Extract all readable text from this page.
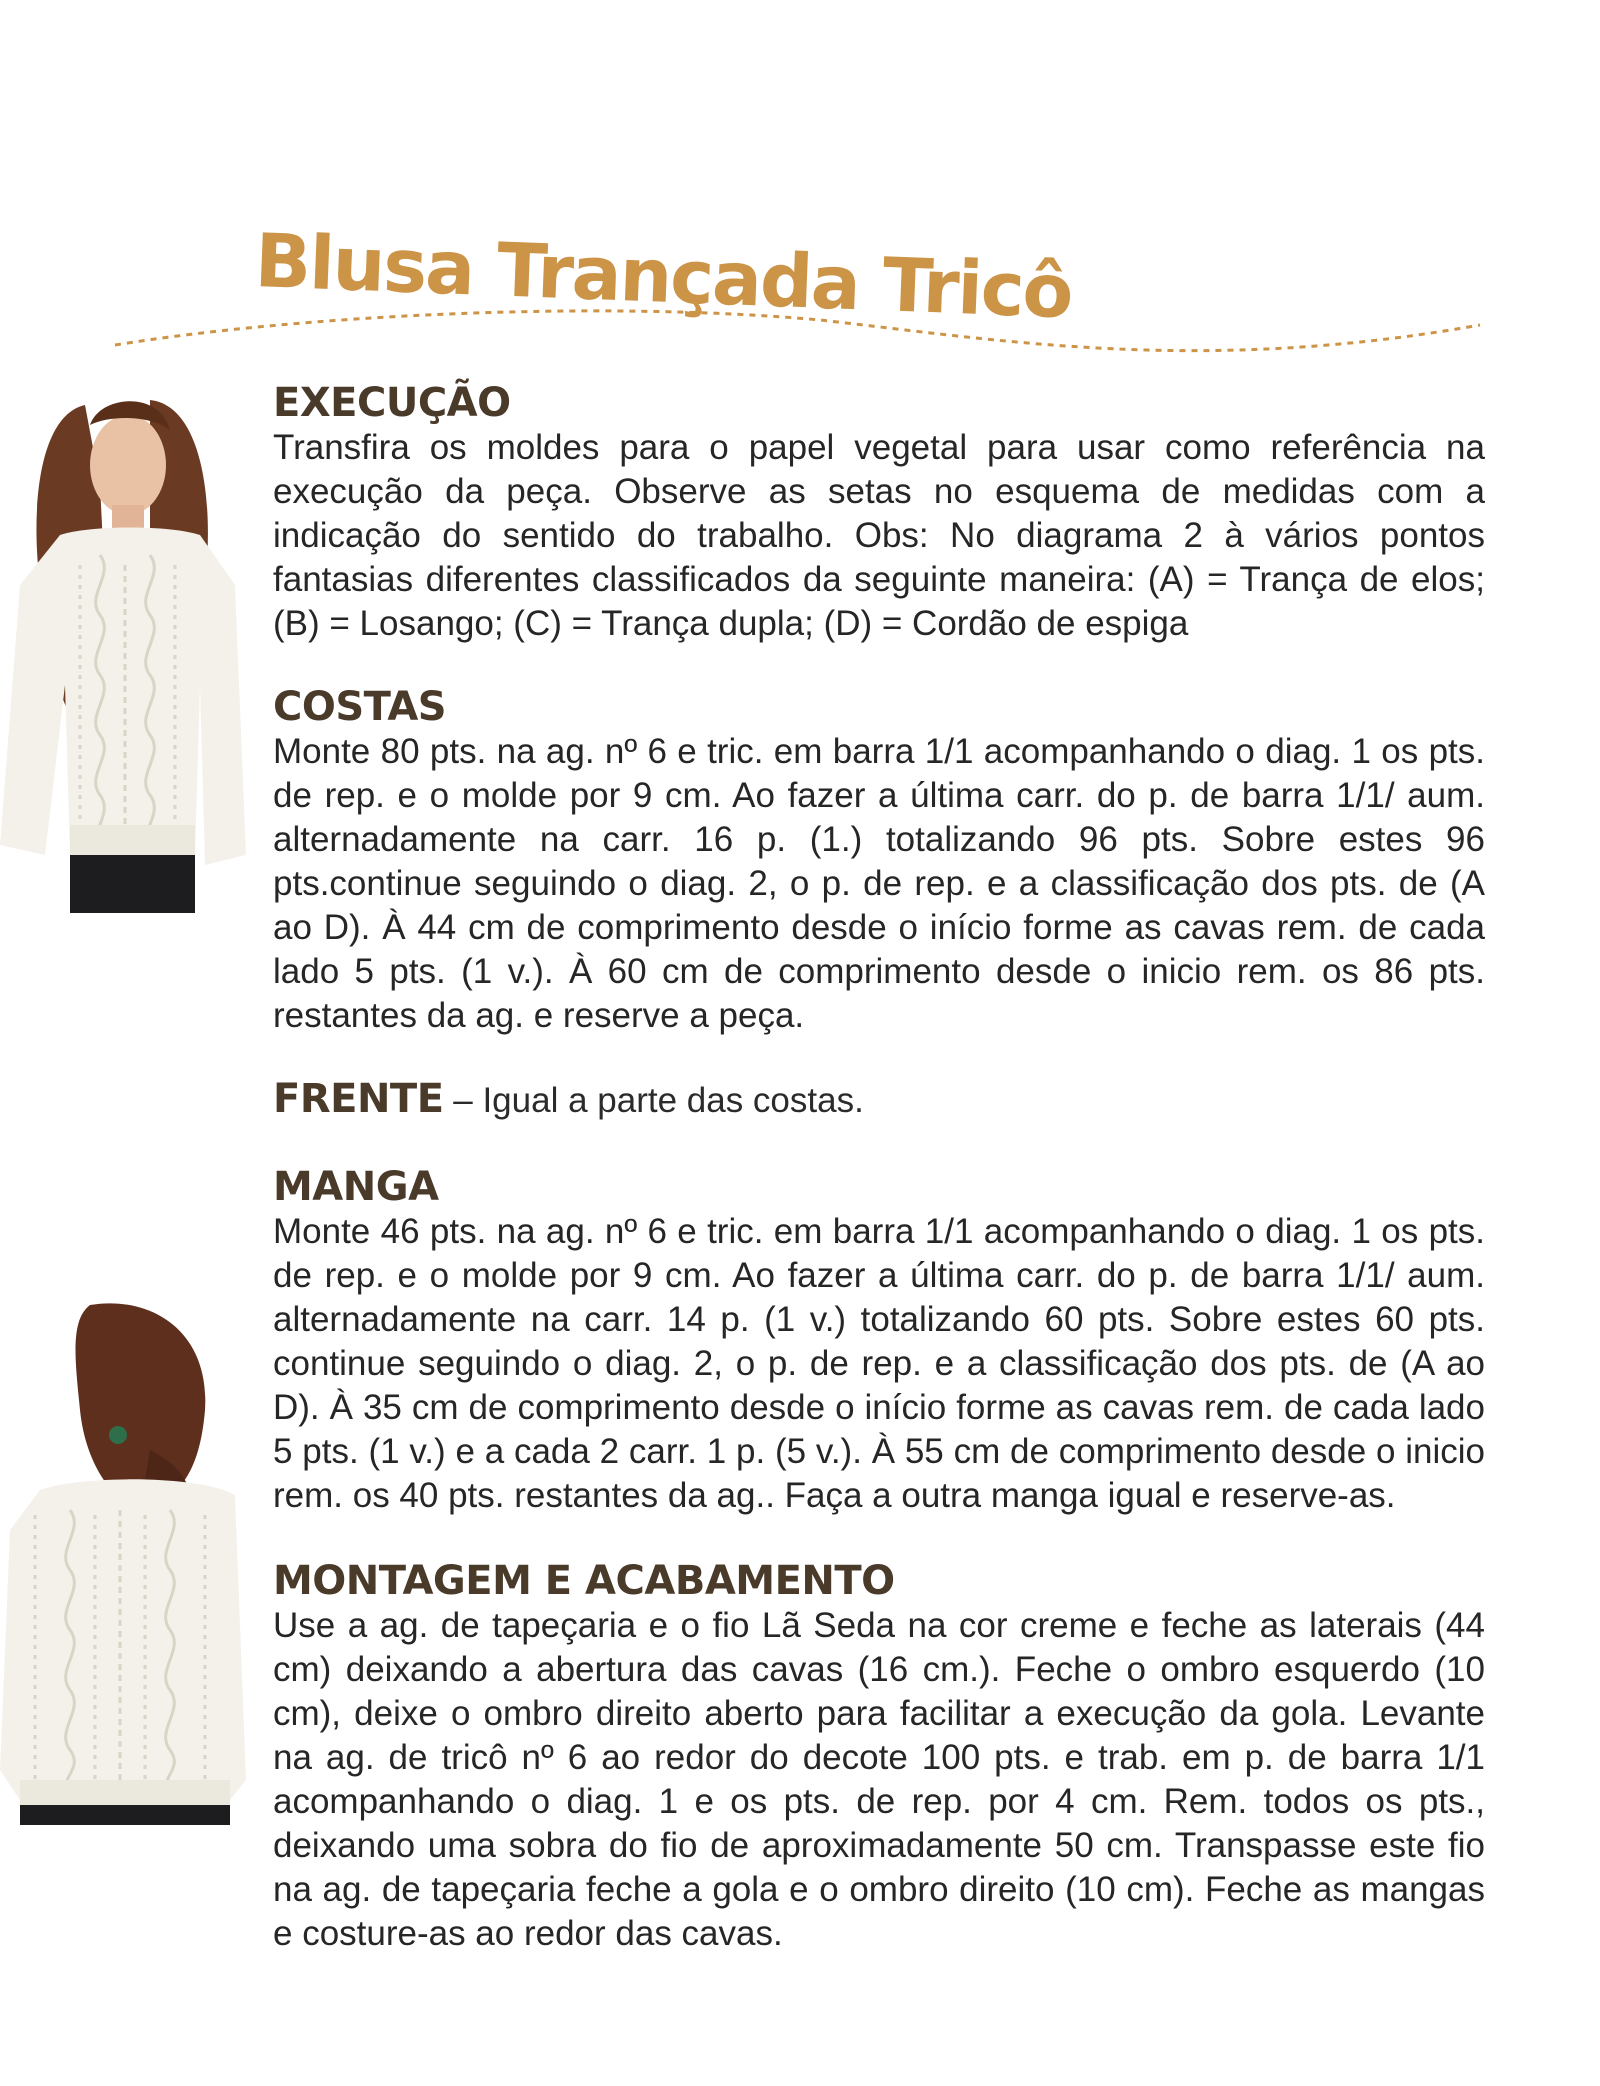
Blusa Trançada Tricô
EXECUÇÃO

Transfira os moldes para o papel vegetal para usar como referência na execução da peça. Observe as setas no esquema de medidas com a indicação do sentido do trabalho. Obs: No diagrama 2 à vários pontos fantasias diferentes classificados da seguinte maneira: (A) = Trança de elos; (B) = Losango; (C) = Trança dupla; (D) = Cordão de espiga

COSTAS

Monte 80 pts. na ag. nº 6 e tric. em barra 1/1 acompanhando o diag. 1 os pts. de rep. e o molde por 9 cm. Ao fazer a última carr. do p. de barra 1/1/ aum. alternadamente na carr. 16 p. (1.) totalizando 96 pts. Sobre estes 96 pts.continue seguindo o diag. 2, o p. de rep. e a classificação dos pts. de (A ao D). À 44 cm de comprimento desde o início forme as cavas rem. de cada lado 5 pts. (1 v.). À 60 cm de comprimento desde o inicio rem. os 86 pts. restantes da ag. e reserve a peça.

FRENTE – Igual a parte das costas.
MANGA

Monte 46 pts. na ag. nº 6 e tric. em barra 1/1 acompanhando o diag. 1 os pts. de rep. e o molde por 9 cm. Ao fazer a última carr. do p. de barra 1/1/ aum. alternadamente na carr. 14 p. (1 v.) totalizando 60 pts. Sobre estes 60 pts. continue seguindo o diag. 2, o p. de rep. e a classificação dos pts. de (A ao D). À 35 cm de comprimento desde o início forme as cavas rem. de cada lado 5 pts. (1 v.) e a cada 2 carr. 1 p. (5 v.). À 55 cm de comprimento desde o inicio rem. os 40 pts. restantes da ag.. Faça a outra manga igual e reserve-as.

MONTAGEM E ACABAMENTO

Use a ag. de tapeçaria e o fio Lã Seda na cor creme e feche as laterais (44 cm) deixando a abertura das cavas (16 cm.). Feche o ombro esquerdo (10 cm), deixe o ombro direito aberto para facilitar a execução da gola. Levante na ag. de tricô nº 6 ao redor do decote 100 pts. e trab. em p. de barra 1/1 acompanhando o diag. 1 e os pts. de rep. por 4 cm. Rem. todos os pts., deixando uma sobra do fio de aproximadamente 50 cm. Transpasse este fio na ag. de tapeçaria feche a gola e o ombro direito (10 cm). Feche as mangas e costure-as ao redor das cavas.
